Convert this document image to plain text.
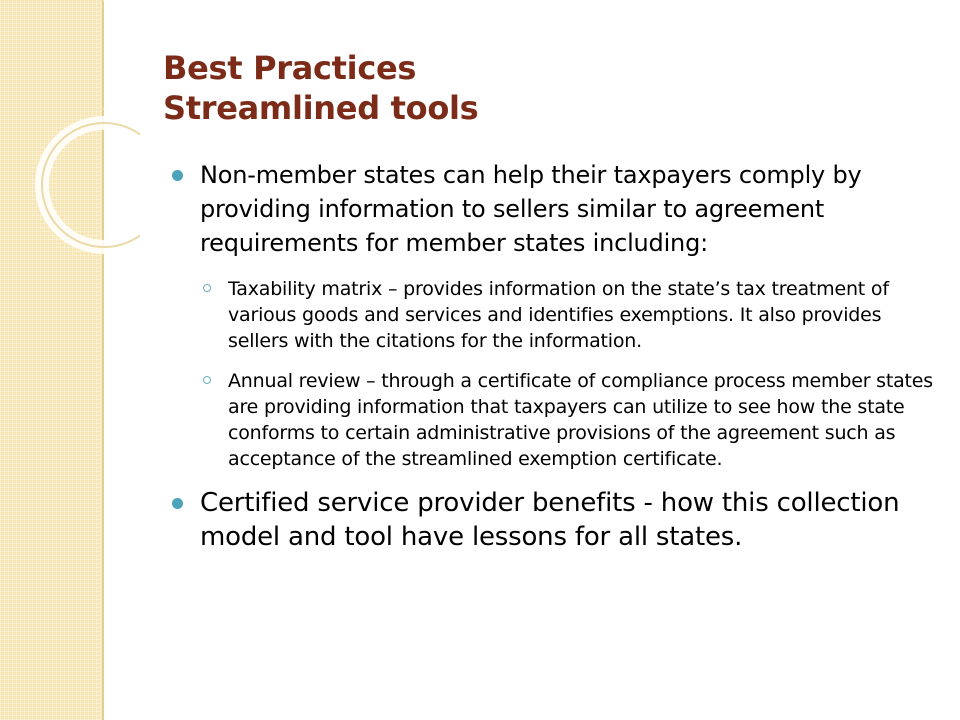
Best Practices
Streamlined tools

Non-member states can help their taxpayers comply by providing information to sellers similar to agreement requirements for member states including:

Taxability matrix – provides information on the state’s tax treatment of various goods and services and identifies exemptions. It also provides sellers with the citations for the information.

Annual review – through a certificate of compliance process member states are providing information that taxpayers can utilize to see how the state conforms to certain administrative provisions of the agreement such as acceptance of the streamlined exemption certificate.

Certified service provider benefits - how this collection model and tool have lessons for all states.
